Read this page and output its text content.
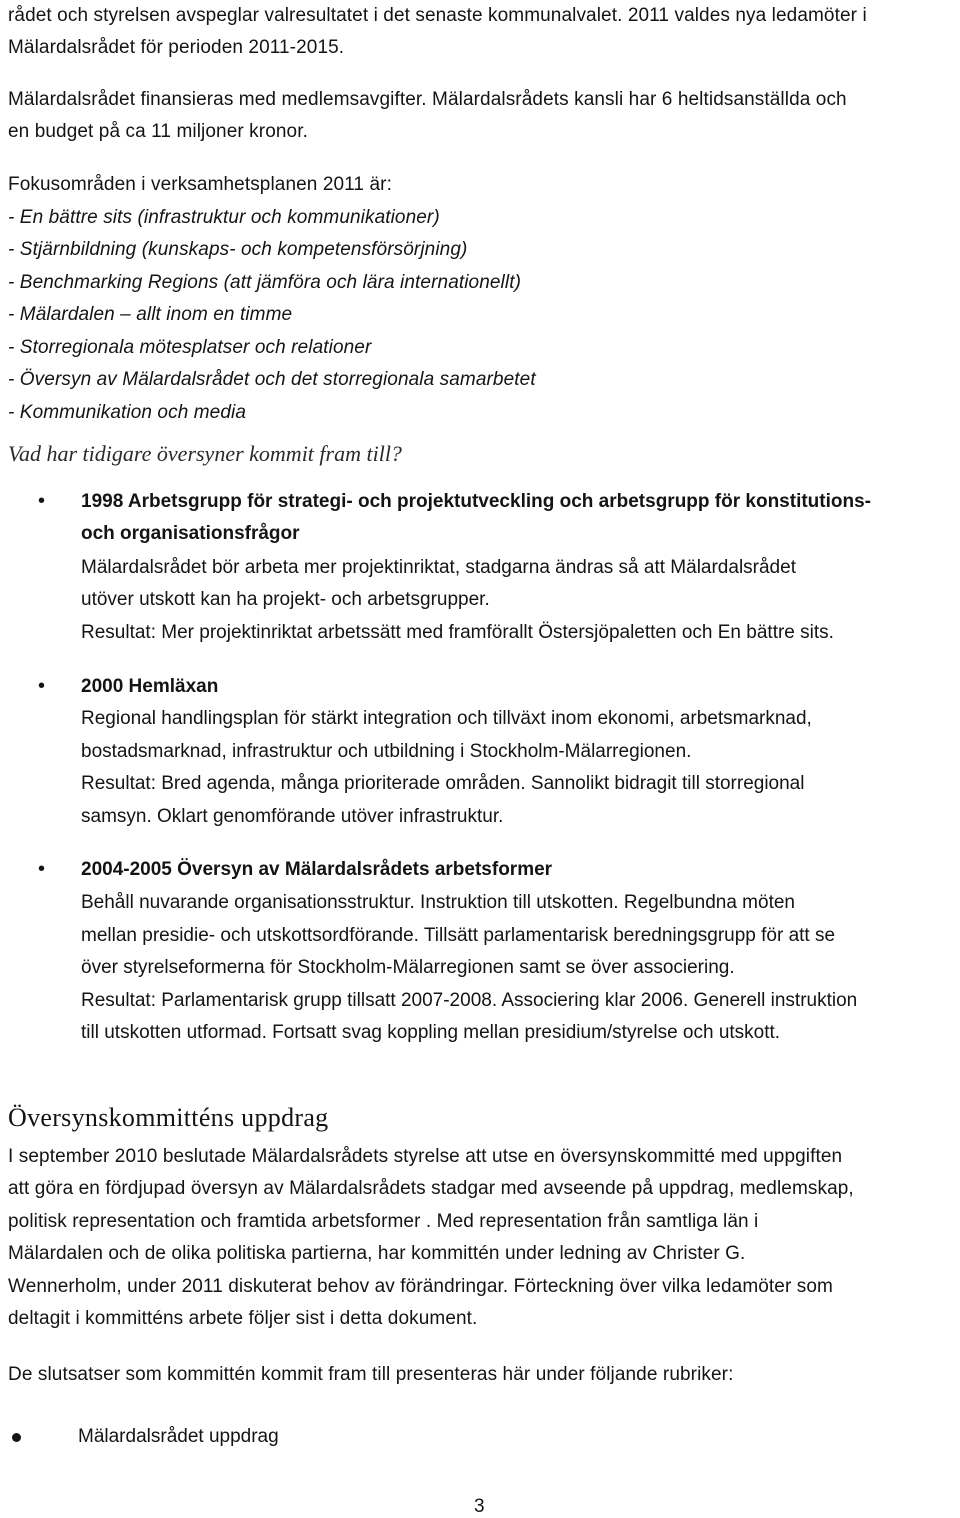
rådet och styrelsen avspeglar valresultatet i det senaste kommunalvalet. 2011 valdes nya ledamöter i
Mälardalsrådet för perioden 2011-2015.
Mälardalsrådet finansieras med medlemsavgifter. Mälardalsrådets kansli har 6 heltidsanställda och
en budget på ca 11 miljoner kronor.
Fokusområden i verksamhetsplanen 2011 är:
- En bättre sits (infrastruktur och kommunikationer)
- Stjärnbildning (kunskaps- och kompetensförsörjning)
- Benchmarking Regions (att jämföra och lära internationellt)
- Mälardalen – allt inom en timme
- Storregionala mötesplatser och relationer
- Översyn av Mälardalsrådet och det storregionala samarbetet
- Kommunikation och media
Vad har tidigare översyner kommit fram till?
• 1998 Arbetsgrupp för strategi- och projektutveckling och arbetsgrupp för konstitutions-
och organisationsfrågor
Mälardalsrådet bör arbeta mer projektinriktat, stadgarna ändras så att Mälardalsrådet
utöver utskott kan ha projekt- och arbetsgrupper.
Resultat: Mer projektinriktat arbetssätt med framförallt Östersjöpaletten och En bättre sits.
• 2000 Hemläxan
Regional handlingsplan för stärkt integration och tillväxt inom ekonomi, arbetsmarknad,
bostadsmarknad, infrastruktur och utbildning i Stockholm-Mälarregionen.
Resultat: Bred agenda, många prioriterade områden. Sannolikt bidragit till storregional
samsyn. Oklart genomförande utöver infrastruktur.
• 2004-2005 Översyn av Mälardalsrådets arbetsformer
Behåll nuvarande organisationsstruktur. Instruktion till utskotten. Regelbundna möten
mellan presidie- och utskottsordförande. Tillsätt parlamentarisk beredningsgrupp för att se
över styrelseformerna för Stockholm-Mälarregionen samt se över associering.
Resultat: Parlamentarisk grupp tillsatt 2007-2008. Associering klar 2006. Generell instruktion
till utskotten utformad. Fortsatt svag koppling mellan presidium/styrelse och utskott.
Översynskommitténs uppdrag
I september 2010 beslutade Mälardalsrådets styrelse att utse en översynskommitté med uppgiften
att göra en fördjupad översyn av Mälardalsrådets stadgar med avseende på uppdrag, medlemskap,
politisk representation och framtida arbetsformer . Med representation från samtliga län i
Mälardalen och de olika politiska partierna, har kommittén under ledning av Christer G.
Wennerholm, under 2011 diskuterat behov av förändringar. Förteckning över vilka ledamöter som
deltagit i kommitténs arbete följer sist i detta dokument.
De slutsatser som kommittén kommit fram till presenteras här under följande rubriker:
Mälardalsrådet uppdrag
3
